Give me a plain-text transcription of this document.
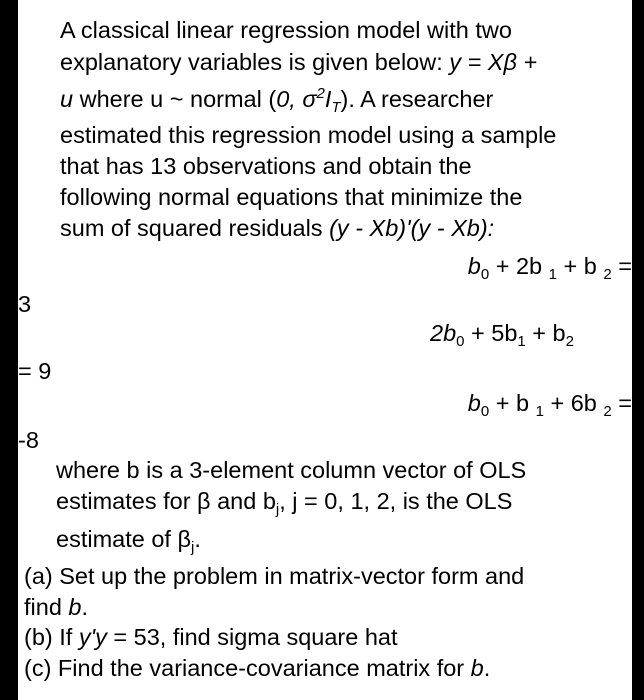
A classical linear regression model with two
explanatory variables is given below: y = Xβ +
u where u ~ normal (0, $\sigma^2I_T$). A researcher
estimated this regression model using a sample
that has 13 observations and obtain the
following normal equations that minimize the
sum of squared residuals (y - Xb)'(y - Xb):
$b_0 + 2b$ $_1$ + b $_2$ =
3
$2b_0 + 5b_1 + b_2$
= 9
$b_0 + b$ $_1$ + 6b $_2$ =
-8
where b is a 3-element column vector of OLS
estimates for β and $b_j$, j = 0, 1, 2, is the OLS
estimate of $\beta_j$.
(a) Set up the problem in matrix-vector form and
find b.
(b) If y'y = 53, find sigma square hat
(c) Find the variance-covariance matrix for b.
